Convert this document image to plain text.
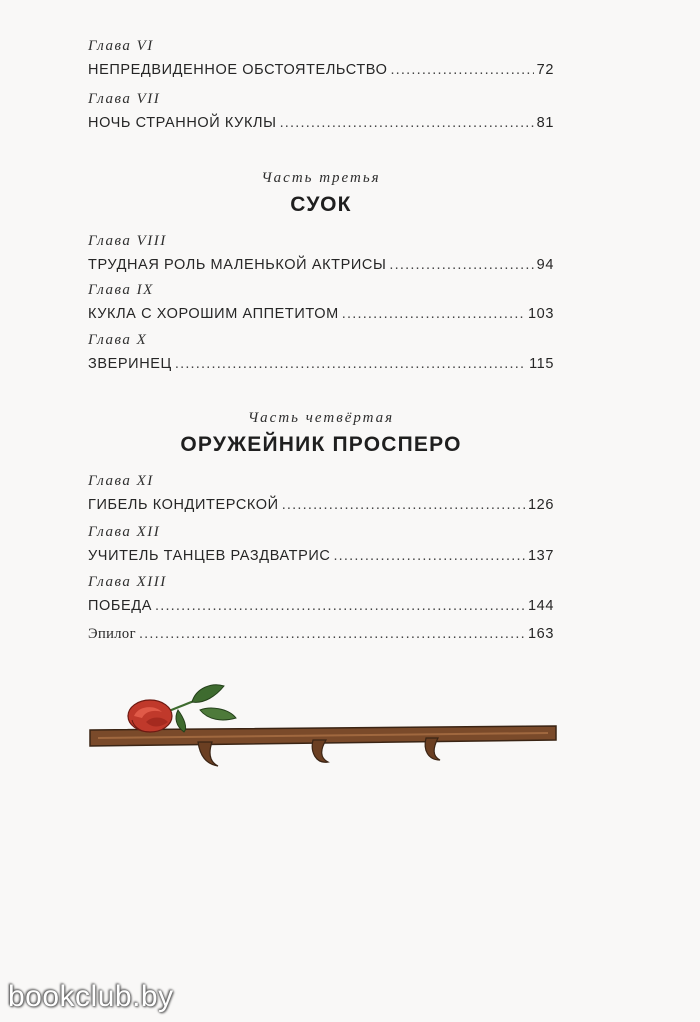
Глава VI
НЕПРЕДВИДЕННОЕ ОБСТОЯТЕЛЬСТВО .....	72
Глава VII
НОЧЬ СТРАННОЙ КУКЛЫ .....	81
Часть третья
СУОК
Глава VIII
ТРУДНАЯ РОЛЬ МАЛЕНЬКОЙ АКТРИСЫ .....	94
Глава IX
КУКЛА С ХОРОШИМ АППЕТИТОМ .....	103
Глава X
ЗВЕРИНЕЦ .....	115
Часть четвёртая
ОРУЖЕЙНИК ПРОСПЕРО
Глава XI
ГИБЕЛЬ КОНДИТЕРСКОЙ .....	126
Глава XII
УЧИТЕЛЬ ТАНЦЕВ РАЗДВАТРИС .....	137
Глава XIII
ПОБЕДА .....	144
Эпилог .....	163
bookclub.by
